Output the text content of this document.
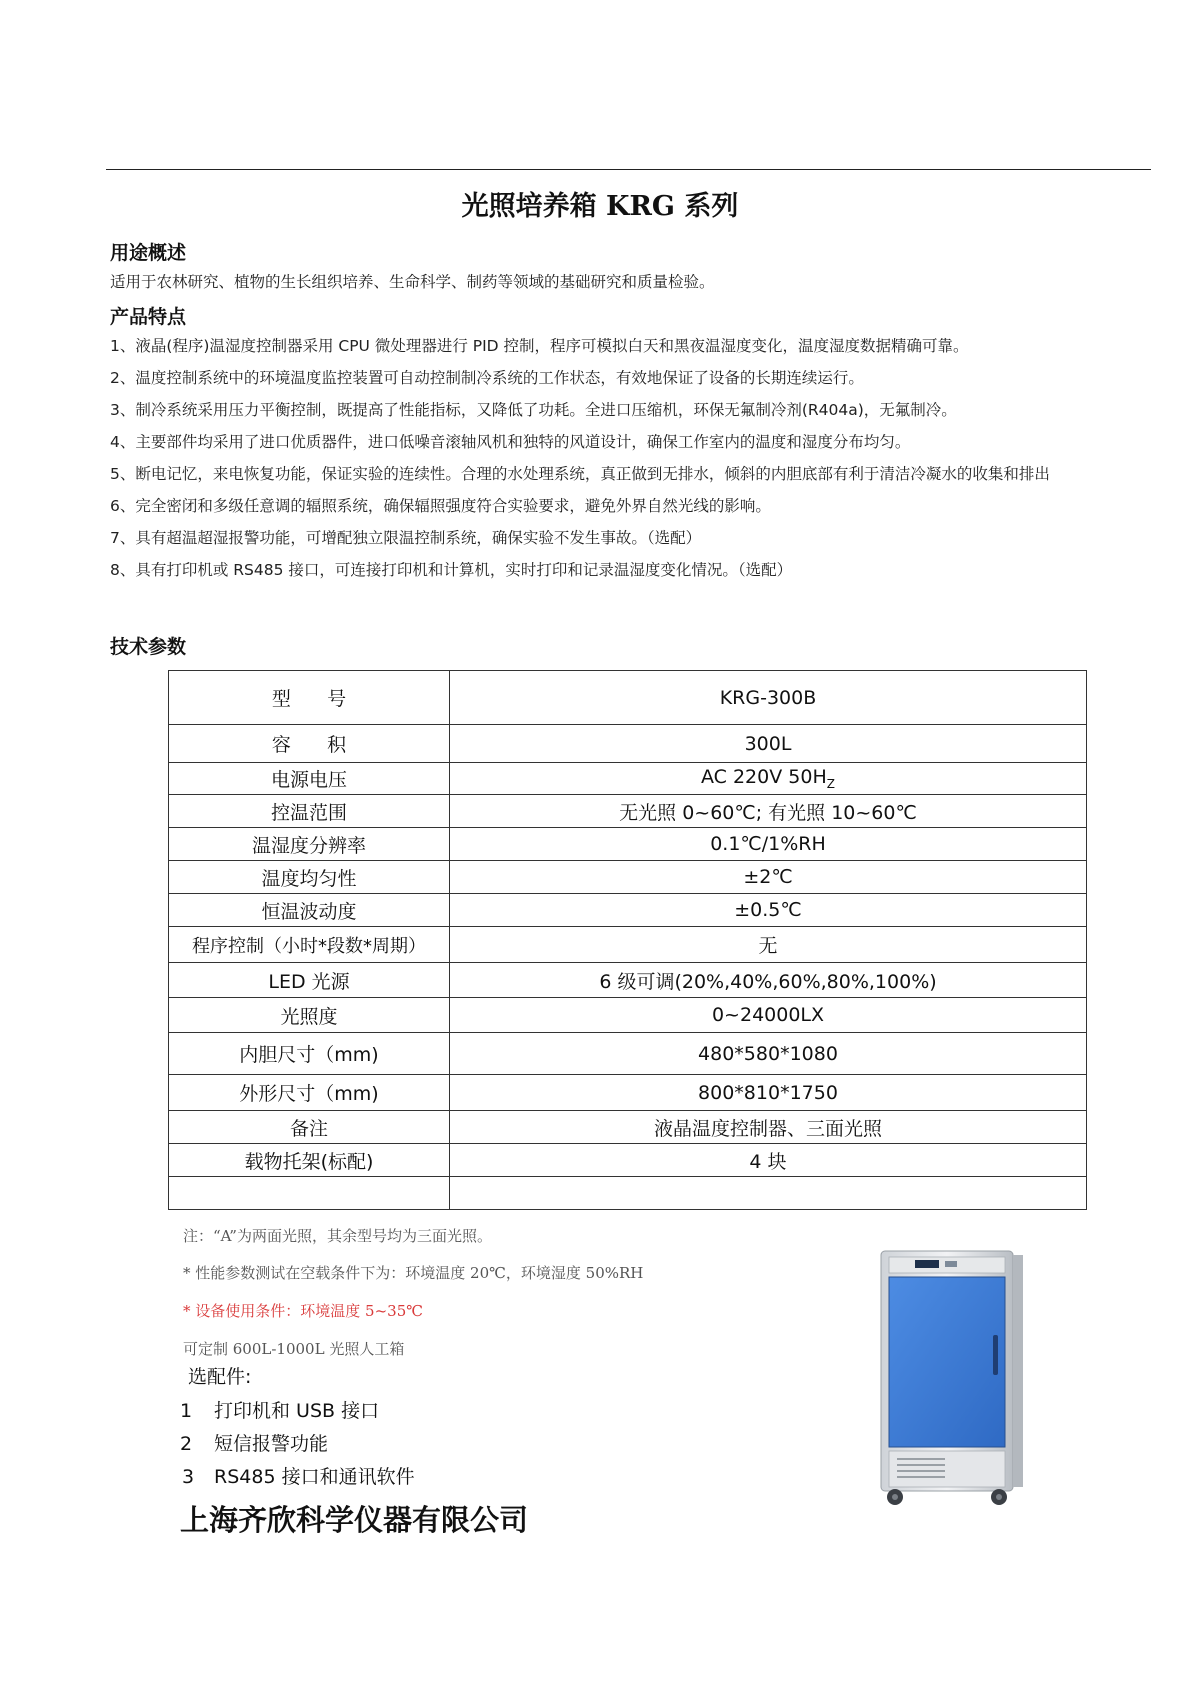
光照培养箱 KRG 系列
用途概述
适用于农林研究、植物的生长组织培养、生命科学、制药等领域的基础研究和质量检验。
产品特点
1、液晶(程序)温湿度控制器采用 CPU 微处理器进行 PID 控制，程序可模拟白天和黑夜温湿度变化，温度湿度数据精确可靠。
2、温度控制系统中的环境温度监控装置可自动控制制冷系统的工作状态，有效地保证了设备的长期连续运行。
3、制冷系统采用压力平衡控制，既提高了性能指标，又降低了功耗。全进口压缩机，环保无氟制冷剂(R404a)，无氟制冷。
4、主要部件均采用了进口优质器件，进口低噪音滚轴风机和独特的风道设计，确保工作室内的温度和湿度分布均匀。
5、断电记忆，来电恢复功能，保证实验的连续性。合理的水处理系统，真正做到无排水，倾斜的内胆底部有利于清洁冷凝水的收集和排出
6、完全密闭和多级任意调的辐照系统，确保辐照强度符合实验要求，避免外界自然光线的影响。
7、具有超温超湿报警功能，可增配独立限温控制系统，确保实验不发生事故。（选配）
8、具有打印机或 RS485 接口，可连接打印机和计算机，实时打印和记录温湿度变化情况。（选配）
技术参数
型      号	KRG-300B
容      积	300L
电源电压	AC 220V $50H_Z$
控温范围	无光照 0~60℃; 有光照 10~60℃
温湿度分辨率	0.1℃/1%RH
温度均匀性	±2℃
恒温波动度	±0.5℃
程序控制（小时*段数*周期）	无
LED 光源	6 级可调(20%,40%,60%,80%,100%)
光照度	0~24000LX
内胆尺寸（mm)	480*580*1080
外形尺寸（mm)	800*810*1750
备注	液晶温度控制器、三面光照
载物托架(标配)	4 块

注：“A”为两面光照，其余型号均为三面光照。
* 性能参数测试在空载条件下为：环境温度 20℃，环境湿度 50%RH
* 设备使用条件：环境温度 5~35℃
可定制 600L-1000L 光照人工箱
选配件:
1 打印机和 USB 接口
2 短信报警功能
3 RS485 接口和通讯软件
上海齐欣科学仪器有限公司
